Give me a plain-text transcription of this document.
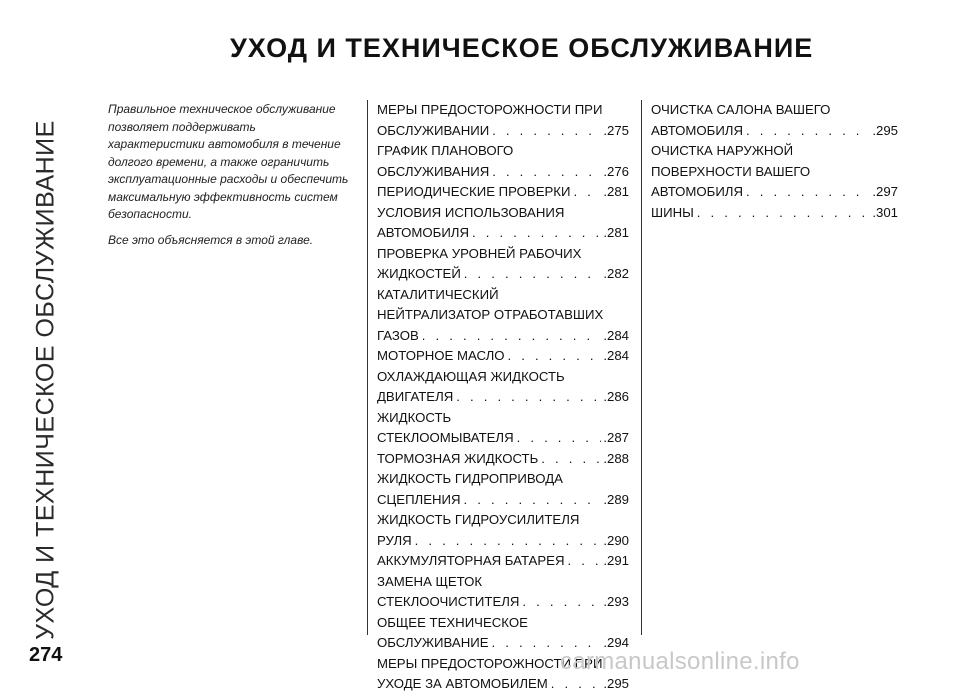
УХОД И ТЕХНИЧЕСКОЕ ОБСЛУЖИВАНИЕ
УХОД И ТЕХНИЧЕСКОЕ ОБСЛУЖИВАНИЕ

Правильное техническое обслуживание позволяет поддерживать характеристики автомобиля в течение долгого времени, а также ограничить эксплуатационные расходы и обеспечить максимальную эффективность систем безопасности.

Все это объясняется в этой главе.

МЕРЫ ПРЕДОСТОРОЖНОСТИ ПРИ
ОБСЛУЖИВАНИИ . . .	.275
ГРАФИК ПЛАНОВОГО
ОБСЛУЖИВАНИЯ . . .	.276
ПЕРИОДИЧЕСКИЕ ПРОВЕРКИ . . . .281
УСЛОВИЯ ИСПОЛЬЗОВАНИЯ
АВТОМОБИЛЯ . . .	.281
ПРОВЕРКА УРОВНЕЙ РАБОЧИХ
ЖИДКОСТЕЙ . . .	.282
КАТАЛИТИЧЕСКИЙ
НЕЙТРАЛИЗАТОР ОТРАБОТАВШИХ
ГАЗОВ . . .	.284
МОТОРНОЕ МАСЛО . . .	.284
ОХЛАЖДАЮЩАЯ ЖИДКОСТЬ
ДВИГАТЕЛЯ . . .	.286
ЖИДКОСТЬ
СТЕКЛООМЫВАТЕЛЯ . . .	.287
ТОРМОЗНАЯ ЖИДКОСТЬ . . .	.288
ЖИДКОСТЬ ГИДРОПРИВОДА
СЦЕПЛЕНИЯ . . .	.289
ЖИДКОСТЬ ГИДРОУСИЛИТЕЛЯ
РУЛЯ . . .	.290
АККУМУЛЯТОРНАЯ БАТАРЕЯ . . .	.291
ЗАМЕНА ЩЕТОК
СТЕКЛООЧИСТИТЕЛЯ . . .	.293
ОБЩЕЕ ТЕХНИЧЕСКОЕ
ОБСЛУЖИВАНИЕ . . .	.294
МЕРЫ ПРЕДОСТОРОЖНОСТИ ПРИ
УХОДЕ ЗА АВТОМОБИЛЕМ . . .	.295
ОЧИСТКА САЛОНА ВАШЕГО
АВТОМОБИЛЯ . . .	.295
ОЧИСТКА НАРУЖНОЙ
ПОВЕРХНОСТИ ВАШЕГО
АВТОМОБИЛЯ . . .	.297
ШИНЫ . . .	.301
274	carmanualsonline.info
